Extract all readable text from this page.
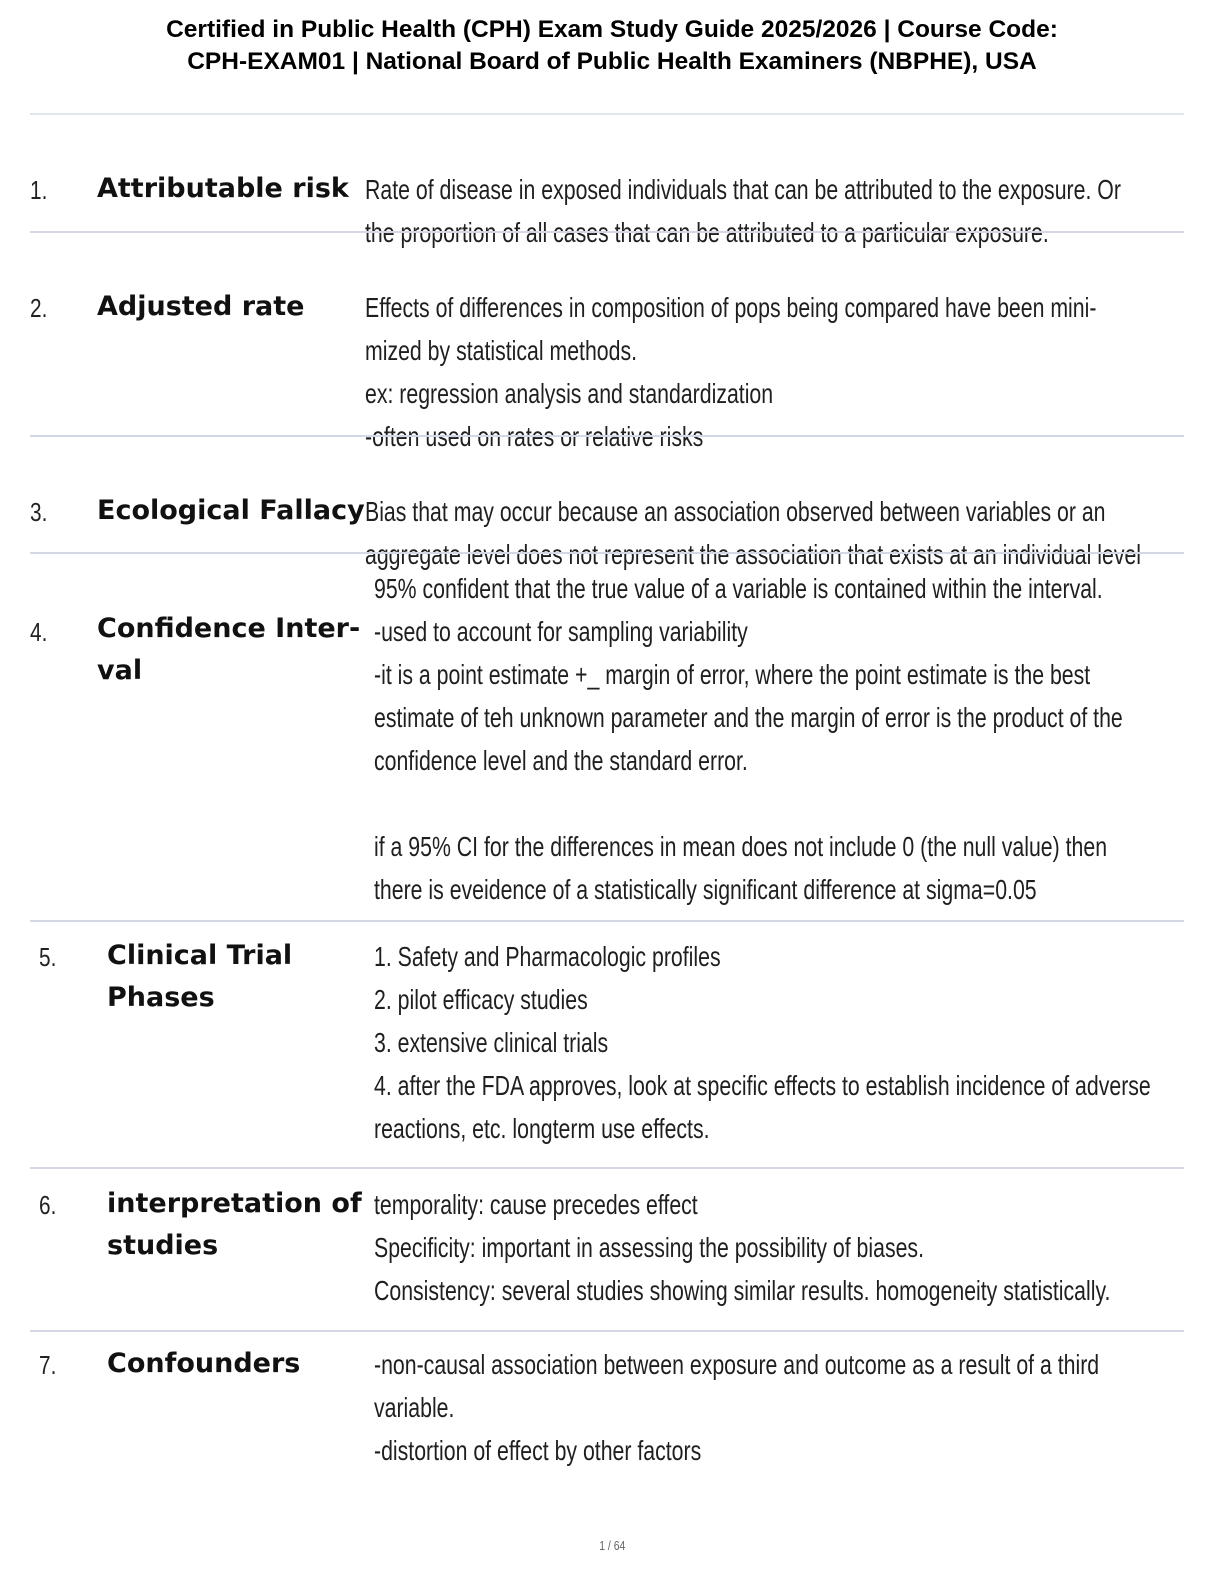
Certified in Public Health (CPH) Exam Study Guide 2025/2026 | Course Code:
CPH-EXAM01 | National Board of Public Health Examiners (NBPHE), USA
1. Attributable risk Rate of disease in exposed individuals that can be attributed to the exposure. Or
the proportion of all cases that can be attributed to a particular exposure.
2. Adjusted rate	Effects of differences in composition of pops being compared have been mini-
mized by statistical methods.
ex: regression analysis and standardization
-often used on rates or relative risks
3. Ecological Fallacy Bias that may occur because an association observed between variables or an
aggregate level does not represent the association that exists at an individual level
4. Confidence Inter-
val
95% confident that the true value of a variable is contained within the interval.
-used to account for sampling variability
-it is a point estimate +_ margin of error, where the point estimate is the best
estimate of teh unknown parameter and the margin of error is the product of the
confidence level and the standard error.
if a 95% CI for the differences in mean does not include 0 (the null value) then
there is eveidence of a statistically significant difference at sigma=0.05
5. Clinical Trial
Phases
1. Safety and Pharmacologic profiles
2. pilot efficacy studies
3. extensive clinical trials
4. after the FDA approves, look at specific effects to establish incidence of adverse
reactions, etc. longterm use effects.
6. interpretation of
studies
temporality: cause precedes effect
Specificity: important in assessing the possibility of biases.
Consistency: several studies showing similar results. homogeneity statistically.
7. Confounders	-non-causal association between exposure and outcome as a result of a third
variable.
-distortion of effect by other factors
1 / 64
